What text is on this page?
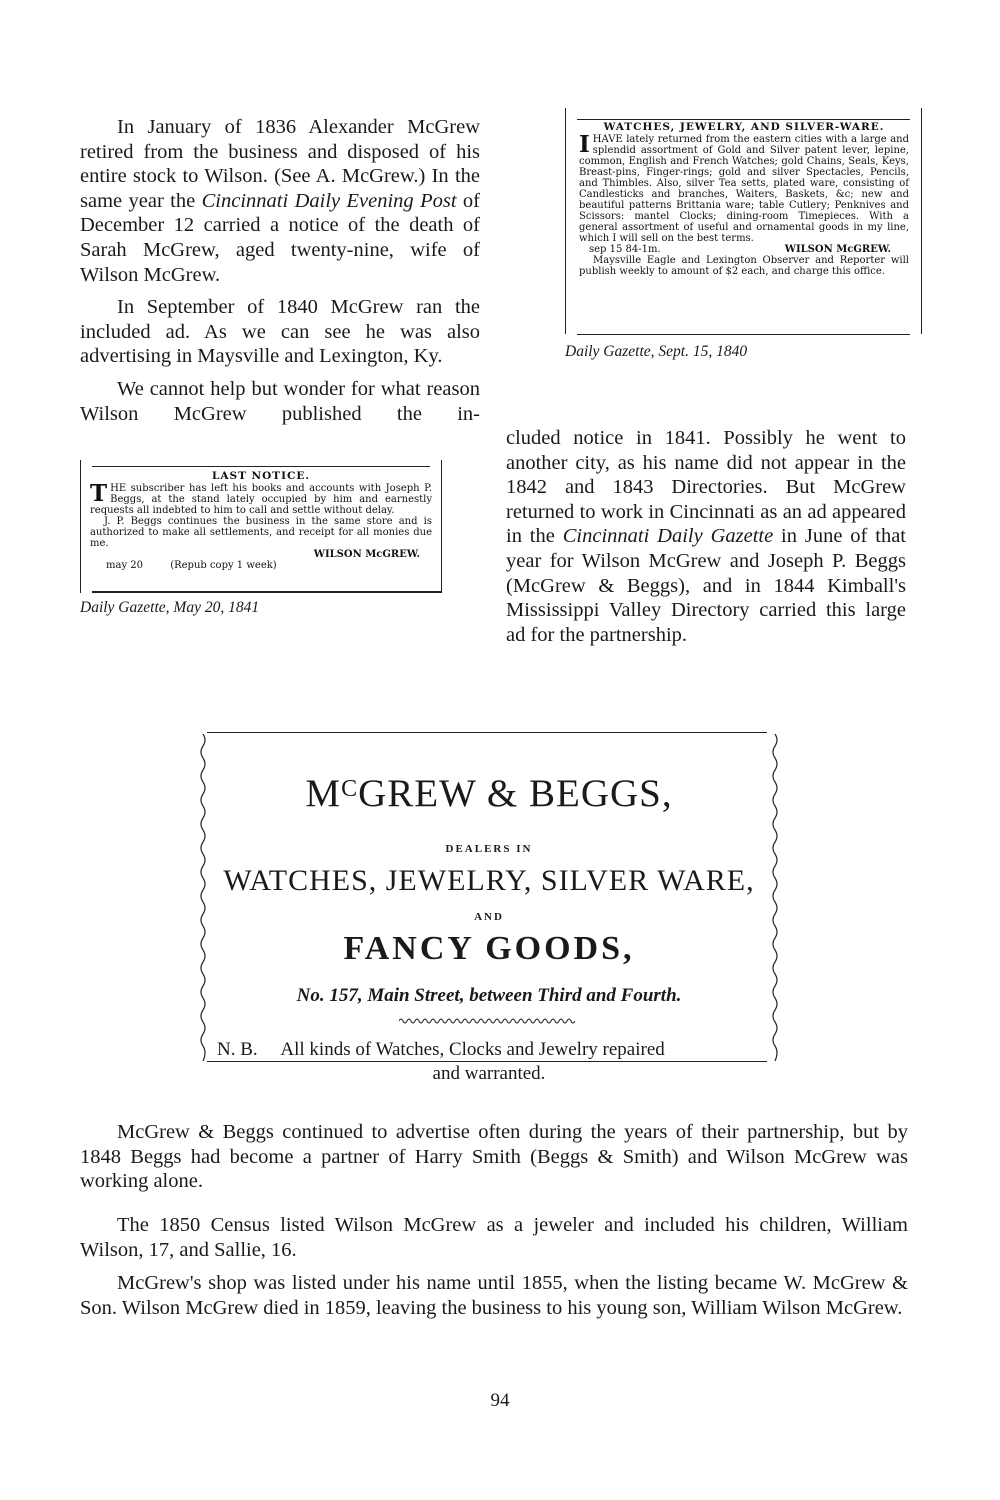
In January of 1836 Alexander McGrew retired from the business and disposed of his entire stock to Wilson. (See A. McGrew.) In the same year the Cincinnati Daily Evening Post of December 12 carried a notice of the death of Sarah McGrew, aged twenty-nine, wife of Wilson McGrew.

In September of 1840 McGrew ran the included ad. As we can see he was also advertising in Maysville and Lexington, Ky.

We cannot help but wonder for what reason Wilson McGrew published the in-

WATCHES, JEWELRY, AND SILVER-WARE.

IHAVE lately returned from the eastern cities with a large and splendid assortment of Gold and Silver patent lever, lepine, common, English and French Watches; gold Chains, Seals, Keys, Breast-pins, Finger-rings; gold and silver Spectacles, Pencils, and Thimbles. Also, silver Tea setts, plated ware, consisting of Candlesticks and branches, Waiters, Baskets, &c; new and beautiful patterns Brittania ware; table Cutlery; Penknives and Scissors: mantel Clocks; dining-room Timepieces. With a general assortment of useful and ornamental goods in my line, which I will sell on the best terms.

sep 15 84-1m.	WILSON McGREW.

Maysville Eagle and Lexington Observer and Reporter will publish weekly to amount of $2 each, and charge this office.

Daily Gazette, Sept. 15, 1840
LAST NOTICE.

THE subscriber has left his books and accounts with Joseph P. Beggs, at the stand lately occupied by him and earnestly requests all indebted to him to call and settle without delay.

J. P. Beggs continues the business in the same store and is authorized to make all settlements, and receipt for all monies due me.

WILSON McGREW.
may 20	(Repub copy 1 week)
Daily Gazette, May 20, 1841

cluded notice in 1841. Possibly he went to another city, as his name did not appear in the 1842 and 1843 Directories. But McGrew returned to work in Cincinnati as an ad appeared in the Cincinnati Daily Gazette in June of that year for Wilson McGrew and Joseph P. Beggs (McGrew & Beggs), and in 1844 Kimball's Mississippi Valley Directory carried this large ad for the partnership.

$M^CGREW$ & BEGGS,
DEALERS IN
WATCHES, JEWELRY, SILVER WARE,
AND
FANCY GOODS,
No. 157, Main Street, between Third and Fourth.
N. B. All kinds of Watches, Clocks and Jewelry repaired
and warranted.

McGrew & Beggs continued to advertise often during the years of their partnership, but by 1848 Beggs had become a partner of Harry Smith (Beggs & Smith) and Wilson McGrew was working alone.

The 1850 Census listed Wilson McGrew as a jeweler and included his children, William Wilson, 17, and Sallie, 16.

McGrew's shop was listed under his name until 1855, when the listing became W. McGrew & Son. Wilson McGrew died in 1859, leaving the business to his young son, William Wilson McGrew.

94
